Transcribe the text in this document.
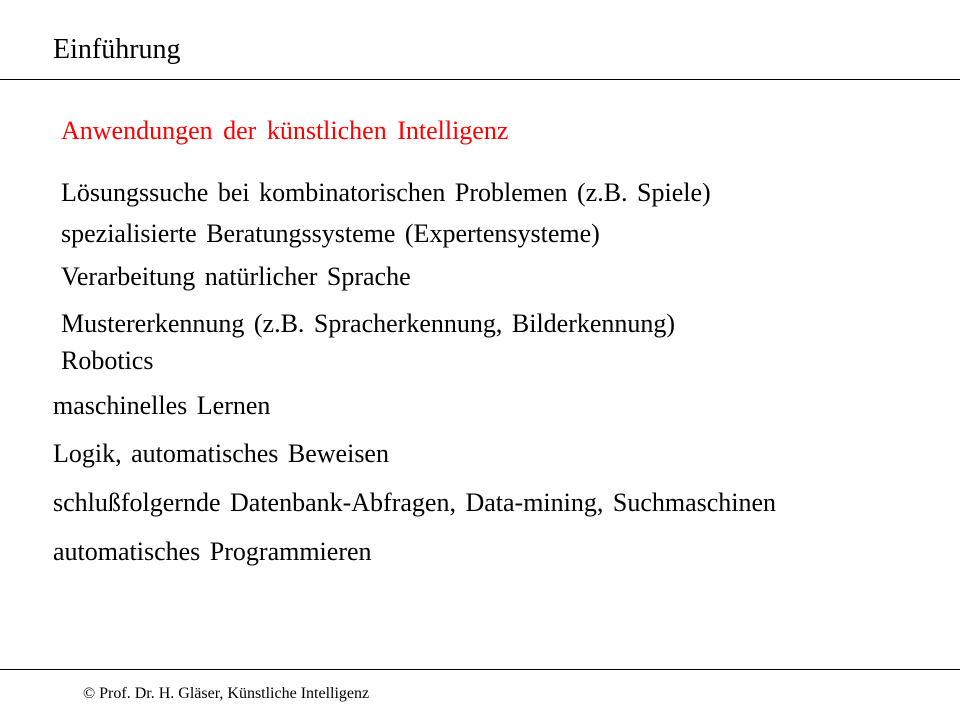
Einführung
Anwendungen der künstlichen Intelligenz
Lösungssuche bei kombinatorischen Problemen (z.B. Spiele)
spezialisierte Beratungssysteme (Expertensysteme)
Verarbeitung natürlicher Sprache
Mustererkennung (z.B. Spracherkennung, Bilderkennung)
Robotics
maschinelles Lernen
Logik, automatisches Beweisen
schlußfolgernde Datenbank-Abfragen, Data-mining, Suchmaschinen
automatisches Programmieren
© Prof. Dr. H. Gläser, Künstliche Intelligenz
